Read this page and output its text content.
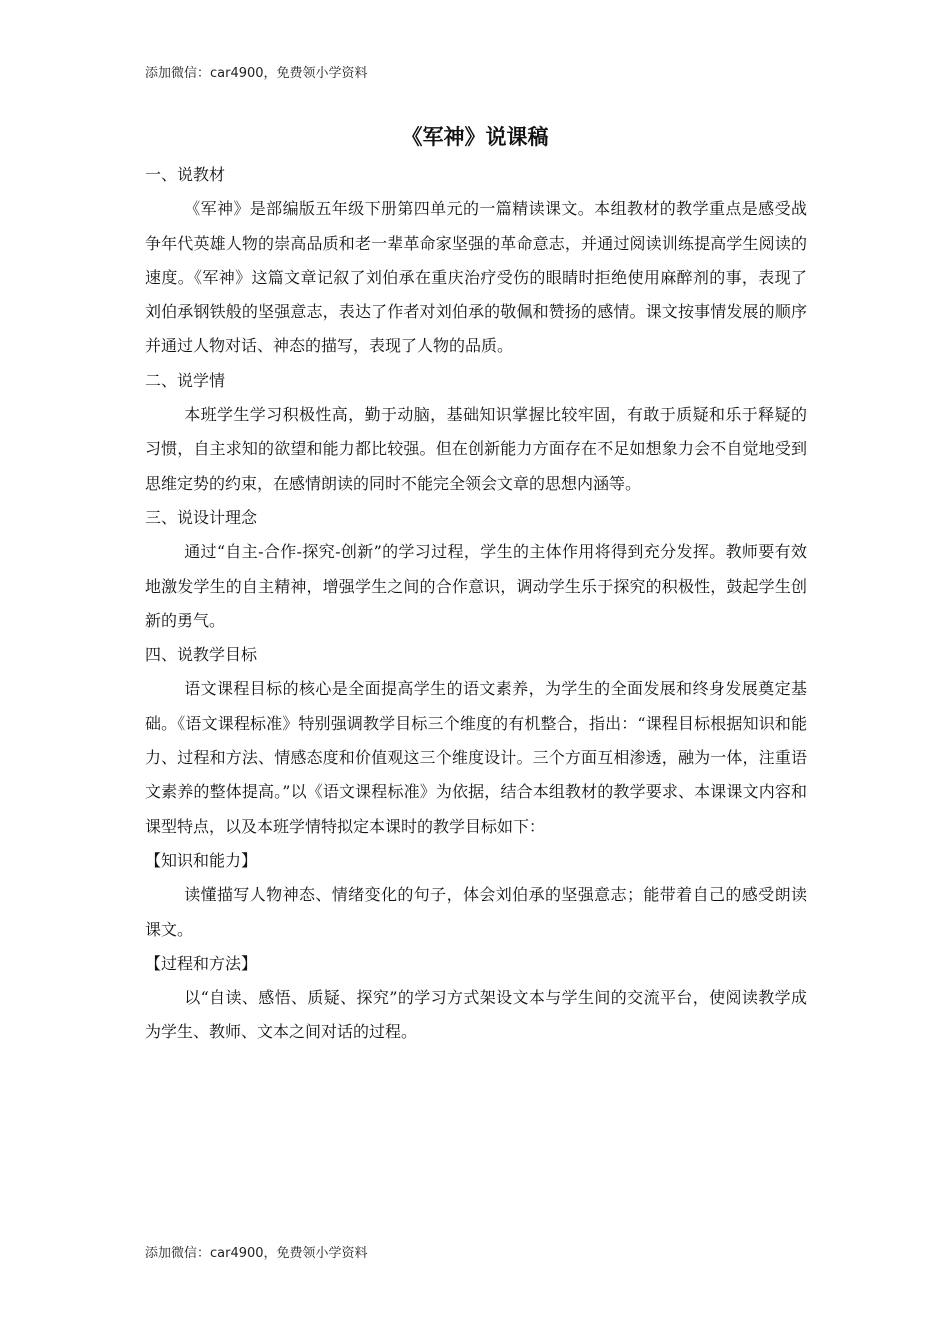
添加微信：car4900，免费领小学资料
《军神》说课稿

一、说教材

《军神》是部编版五年级下册第四单元的一篇精读课文。本组教材的教学重点是感受战争年代英雄人物的崇高品质和老一辈革命家坚强的革命意志，并通过阅读训练提高学生阅读的速度。《军神》这篇文章记叙了刘伯承在重庆治疗受伤的眼睛时拒绝使用麻醉剂的事，表现了刘伯承钢铁般的坚强意志，表达了作者对刘伯承的敬佩和赞扬的感情。课文按事情发展的顺序并通过人物对话、神态的描写，表现了人物的品质。

二、说学情

本班学生学习积极性高，勤于动脑，基础知识掌握比较牢固，有敢于质疑和乐于释疑的习惯，自主求知的欲望和能力都比较强。但在创新能力方面存在不足如想象力会不自觉地受到思维定势的约束，在感情朗读的同时不能完全领会文章的思想内涵等。

三、说设计理念

通过“自主-合作-探究-创新”的学习过程，学生的主体作用将得到充分发挥。教师要有效地激发学生的自主精神，增强学生之间的合作意识，调动学生乐于探究的积极性，鼓起学生创新的勇气。

四、说教学目标

语文课程目标的核心是全面提高学生的语文素养，为学生的全面发展和终身发展奠定基础。《语文课程标准》特别强调教学目标三个维度的有机整合，指出：“课程目标根据知识和能力、过程和方法、情感态度和价值观这三个维度设计。三个方面互相渗透，融为一体，注重语文素养的整体提高。”以《语文课程标准》为依据，结合本组教材的教学要求、本课课文内容和课型特点，以及本班学情特拟定本课时的教学目标如下：

【知识和能力】

读懂描写人物神态、情绪变化的句子，体会刘伯承的坚强意志；能带着自己的感受朗读课文。

【过程和方法】

以“自读、感悟、质疑、探究”的学习方式架设文本与学生间的交流平台，使阅读教学成为学生、教师、文本之间对话的过程。

添加微信：car4900，免费领小学资料
